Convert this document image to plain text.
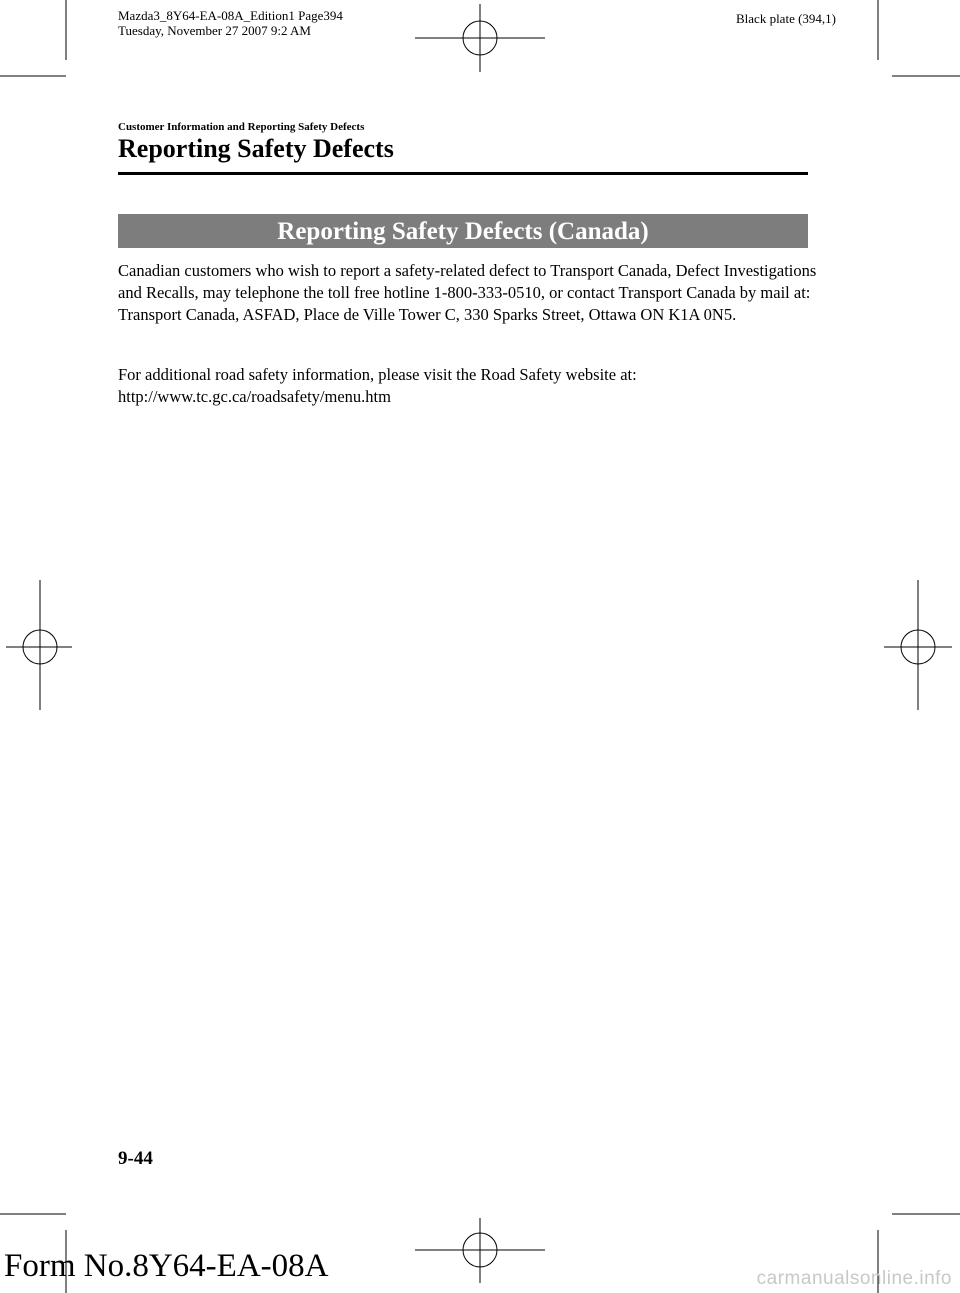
Mazda3_8Y64-EA-08A_Edition1 Page394
Tuesday, November 27 2007 9:2 AM
Black plate (394,1)
Customer Information and Reporting Safety Defects
Reporting Safety Defects
Reporting Safety Defects (Canada)

Canadian customers who wish to report a safety-related defect to Transport Canada, Defect Investigations and Recalls, may telephone the toll free hotline 1-800-333-0510, or contact Transport Canada by mail at: Transport Canada, ASFAD, Place de Ville Tower C, 330 Sparks Street, Ottawa ON K1A 0N5.

For additional road safety information, please visit the Road Safety website at: http://www.tc.gc.ca/roadsafety/menu.htm

9-44
Form No.8Y64-EA-08A	carmanualsonline.info
